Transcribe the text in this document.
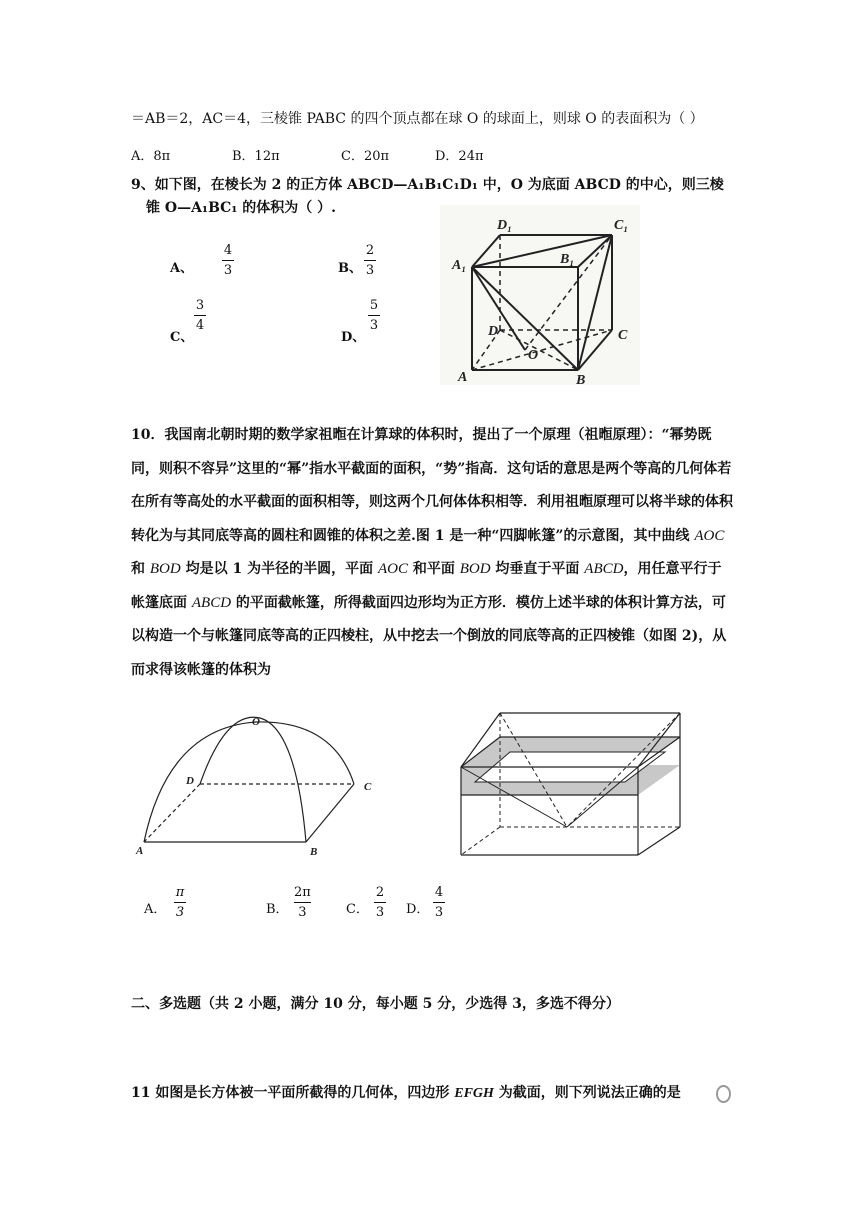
＝AB＝2，AC＝4，三棱锥 PABC 的四个顶点都在球 O 的球面上，则球 O 的表面积为（ ）
A．8π	B．12π	C．20π	D．24π
9、如下图，在棱长为 2 的正方体 ABCD—A₁B₁C₁D₁ 中，O 为底面 ABCD 的中心，则三棱
锥 O—A₁BC₁ 的体积为（ ）.
A、
4
3	B、
2
3
C、
3
4
D、
5
3
D₁	C₁
A₁	B₁
D	C
O
A	B
10．我国南北朝时期的数学家祖暅在计算球的体积时，提出了一个原理（祖暅原理）：“幂势既同，则积不容异”这里的“幂”指水平截面的面积，“势”指高．这句话的意思是两个等高的几何体若在所有等高处的水平截面的面积相等，则这两个几何体体积相等．利用祖暅原理可以将半球的体积转化为与其同底等高的圆柱和圆锥的体积之差.图 1 是一种“四脚帐篷”的示意图，其中曲线 AOC 和 BOD 均是以 1 为半径的半圆，平面 AOC 和平面 BOD 均垂直于平面 ABCD，用任意平行于帐篷底面 ABCD 的平面截帐篷，所得截面四边形均为正方形．模仿上述半球的体积计算方法，可以构造一个与帐篷同底等高的正四棱柱，从中挖去一个倒放的同底等高的正四棱锥（如图 2)，从而求得该帐篷的体积为
O
D	C
A	B
A．
π
3	B．
2π
3	C．
2
3 D．
4
3
二、多选题（共 2 小题，满分 10 分，每小题 5 分，少选得 3，多选不得分）
11 如图是长方体被一平面所截得的几何体，四边形 EFGH 为截面，则下列说法正确的是
